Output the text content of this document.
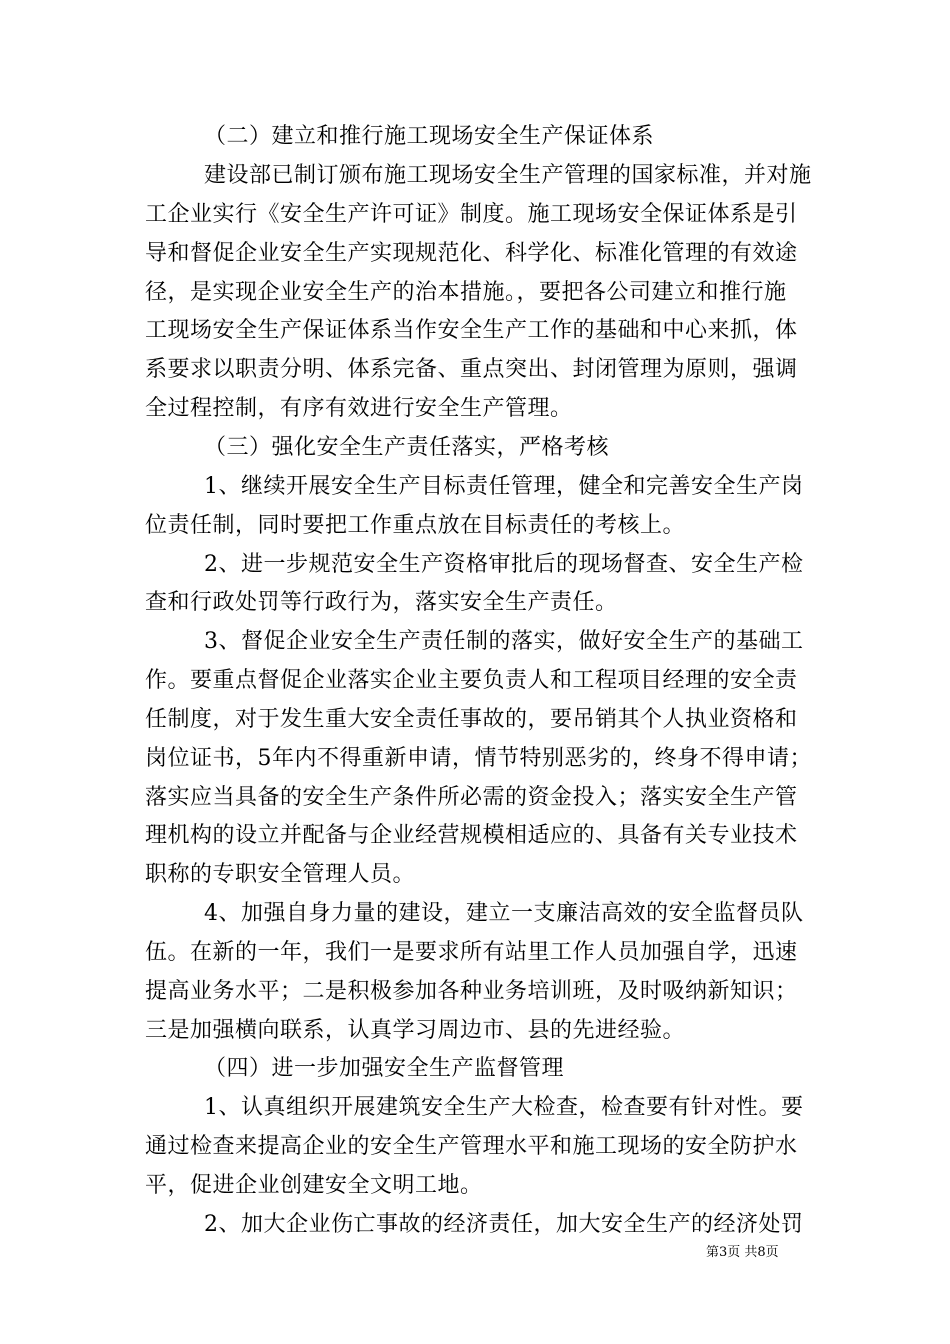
（二）建立和推行施工现场安全生产保证体系
建设部已制订颁布施工现场安全生产管理的国家标准，并对施
工企业实行《安全生产许可证》制度。施工现场安全保证体系是引
导和督促企业安全生产实现规范化、科学化、标准化管理的有效途
径，是实现企业安全生产的治本措施。，要把各公司建立和推行施
工现场安全生产保证体系当作安全生产工作的基础和中心来抓，体
系要求以职责分明、体系完备、重点突出、封闭管理为原则，强调
全过程控制，有序有效进行安全生产管理。
（三）强化安全生产责任落实，严格考核
1、继续开展安全生产目标责任管理，健全和完善安全生产岗
位责任制，同时要把工作重点放在目标责任的考核上。
2、进一步规范安全生产资格审批后的现场督查、安全生产检
查和行政处罚等行政行为，落实安全生产责任。
3、督促企业安全生产责任制的落实，做好安全生产的基础工
作。要重点督促企业落实企业主要负责人和工程项目经理的安全责
任制度，对于发生重大安全责任事故的，要吊销其个人执业资格和
岗位证书，5年内不得重新申请，情节特别恶劣的，终身不得申请；
落实应当具备的安全生产条件所必需的资金投入；落实安全生产管
理机构的设立并配备与企业经营规模相适应的、具备有关专业技术
职称的专职安全管理人员。
4、加强自身力量的建设，建立一支廉洁高效的安全监督员队
伍。在新的一年，我们一是要求所有站里工作人员加强自学，迅速
提高业务水平；二是积极参加各种业务培训班，及时吸纳新知识；
三是加强横向联系，认真学习周边市、县的先进经验。
（四）进一步加强安全生产监督管理
1、认真组织开展建筑安全生产大检查，检查要有针对性。要
通过检查来提高企业的安全生产管理水平和施工现场的安全防护水
平，促进企业创建安全文明工地。
2、加大企业伤亡事故的经济责任，加大安全生产的经济处罚
第3页 共8页
